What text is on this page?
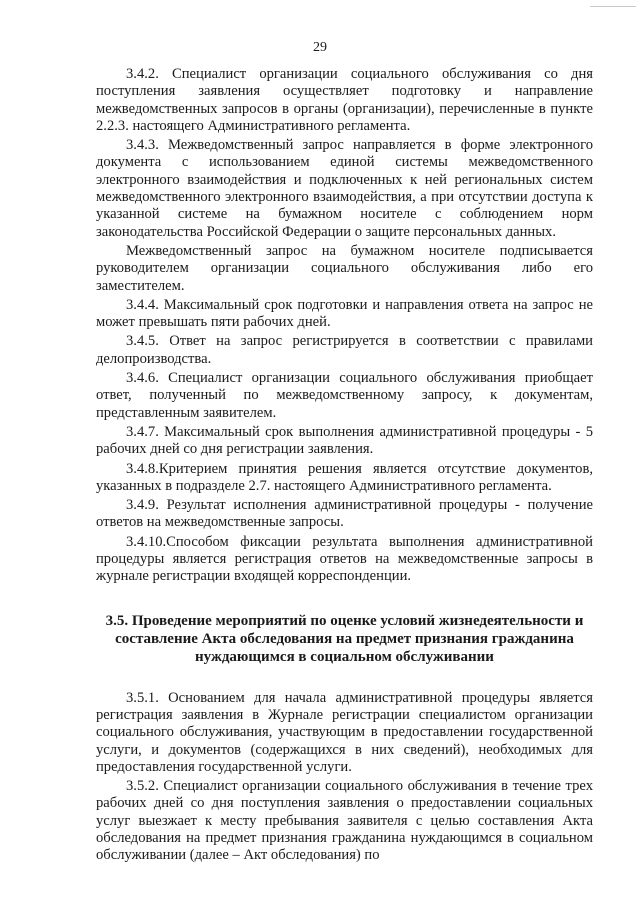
29

3.4.2. Специалист организации социального обслуживания со дня поступления заявления осуществляет подготовку и направление межведомственных запросов в органы (организации), перечисленные в пункте 2.2.3. настоящего Административного регламента.

3.4.3. Межведомственный запрос направляется в форме электронного документа с использованием единой системы межведомственного электронного взаимодействия и подключенных к ней региональных систем межведомственного электронного взаимодействия, а при отсутствии доступа к указанной системе на бумажном носителе с соблюдением норм законодательства Российской Федерации о защите персональных данных.

Межведомственный запрос на бумажном носителе подписывается руководителем организации социального обслуживания либо его заместителем.

3.4.4. Максимальный срок подготовки и направления ответа на запрос не может превышать пяти рабочих дней.

3.4.5. Ответ на запрос регистрируется в соответствии с правилами делопроизводства.

3.4.6. Специалист организации социального обслуживания приобщает ответ, полученный по межведомственному запросу, к документам, представленным заявителем.

3.4.7. Максимальный срок выполнения административной процедуры - 5 рабочих дней со дня регистрации заявления.

3.4.8.Критерием принятия решения является отсутствие документов, указанных в подразделе 2.7. настоящего Административного регламента.

3.4.9. Результат исполнения административной процедуры - получение ответов на межведомственные запросы.

3.4.10.Способом фиксации результата выполнения административной процедуры является регистрация ответов на межведомственные запросы в журнале регистрации входящей корреспонденции.

3.5. Проведение мероприятий по оценке условий жизнедеятельности и составление Акта обследования на предмет признания гражданина нуждающимся в социальном обслуживании

3.5.1. Основанием для начала административной процедуры является регистрация заявления в Журнале регистрации специалистом организации социального обслуживания, участвующим в предоставлении государственной услуги, и документов (содержащихся в них сведений), необходимых для предоставления государственной услуги.

3.5.2. Специалист организации социального обслуживания в течение трех рабочих дней со дня поступления заявления о предоставлении социальных услуг выезжает к месту пребывания заявителя с целью составления Акта обследования на предмет признания гражданина нуждающимся в социальном обслуживании (далее – Акт обследования) по
